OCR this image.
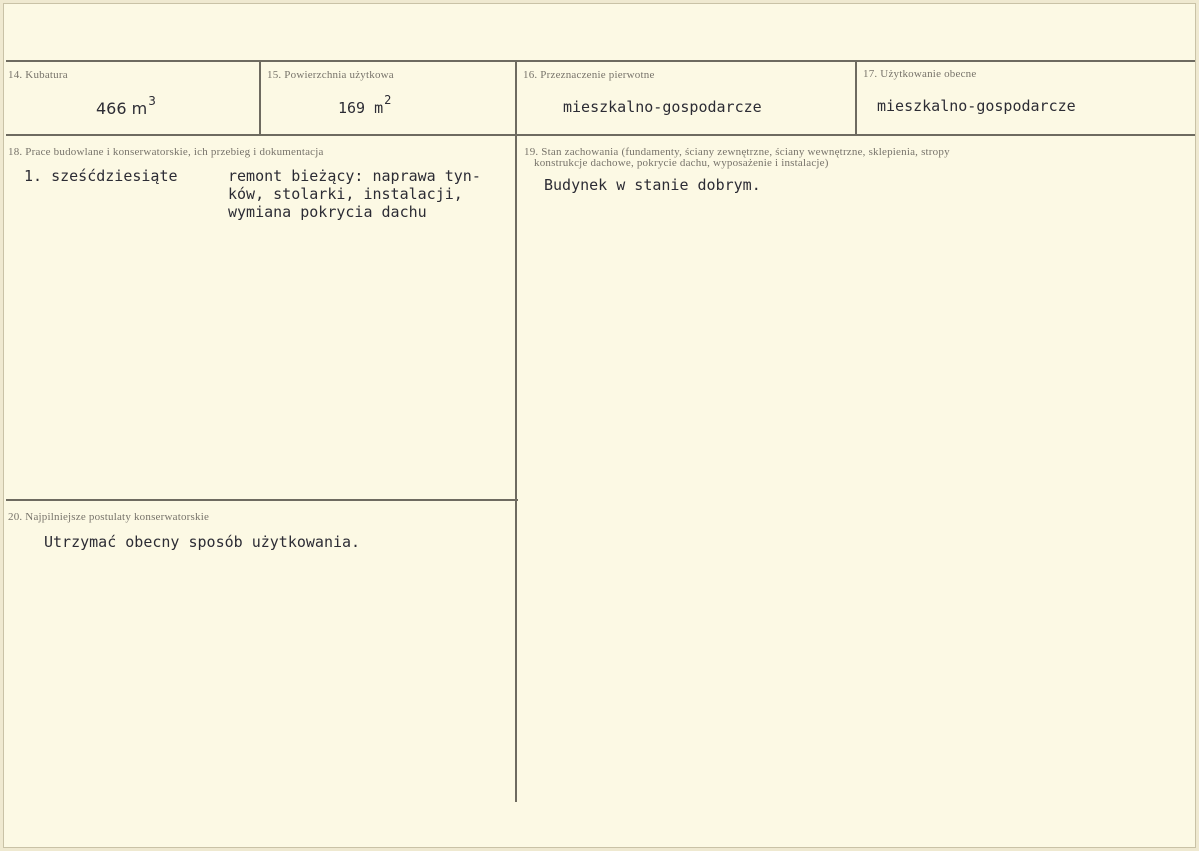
14. Kubatura
466 $m^3$
15. Powierzchnia użytkowa
169 $m^2$
16. Przeznaczenie pierwotne
mieszkalno-gospodarcze
17. Użytkowanie obecne
mieszkalno-gospodarcze
18. Prace budowlane i konserwatorskie, ich przebieg i dokumentacja
1. sześćdziesiąte	remont bieżący: naprawa tyn-
ków, stolarki, instalacji,
wymiana pokrycia dachu
19. Stan zachowania (fundamenty, ściany zewnętrzne, ściany wewnętrzne, sklepienia, stropy
konstrukcje dachowe, pokrycie dachu, wyposażenie i instalacje)
Budynek w stanie dobrym.
20. Najpilniejsze postulaty konserwatorskie
Utrzymać obecny sposób użytkowania.
